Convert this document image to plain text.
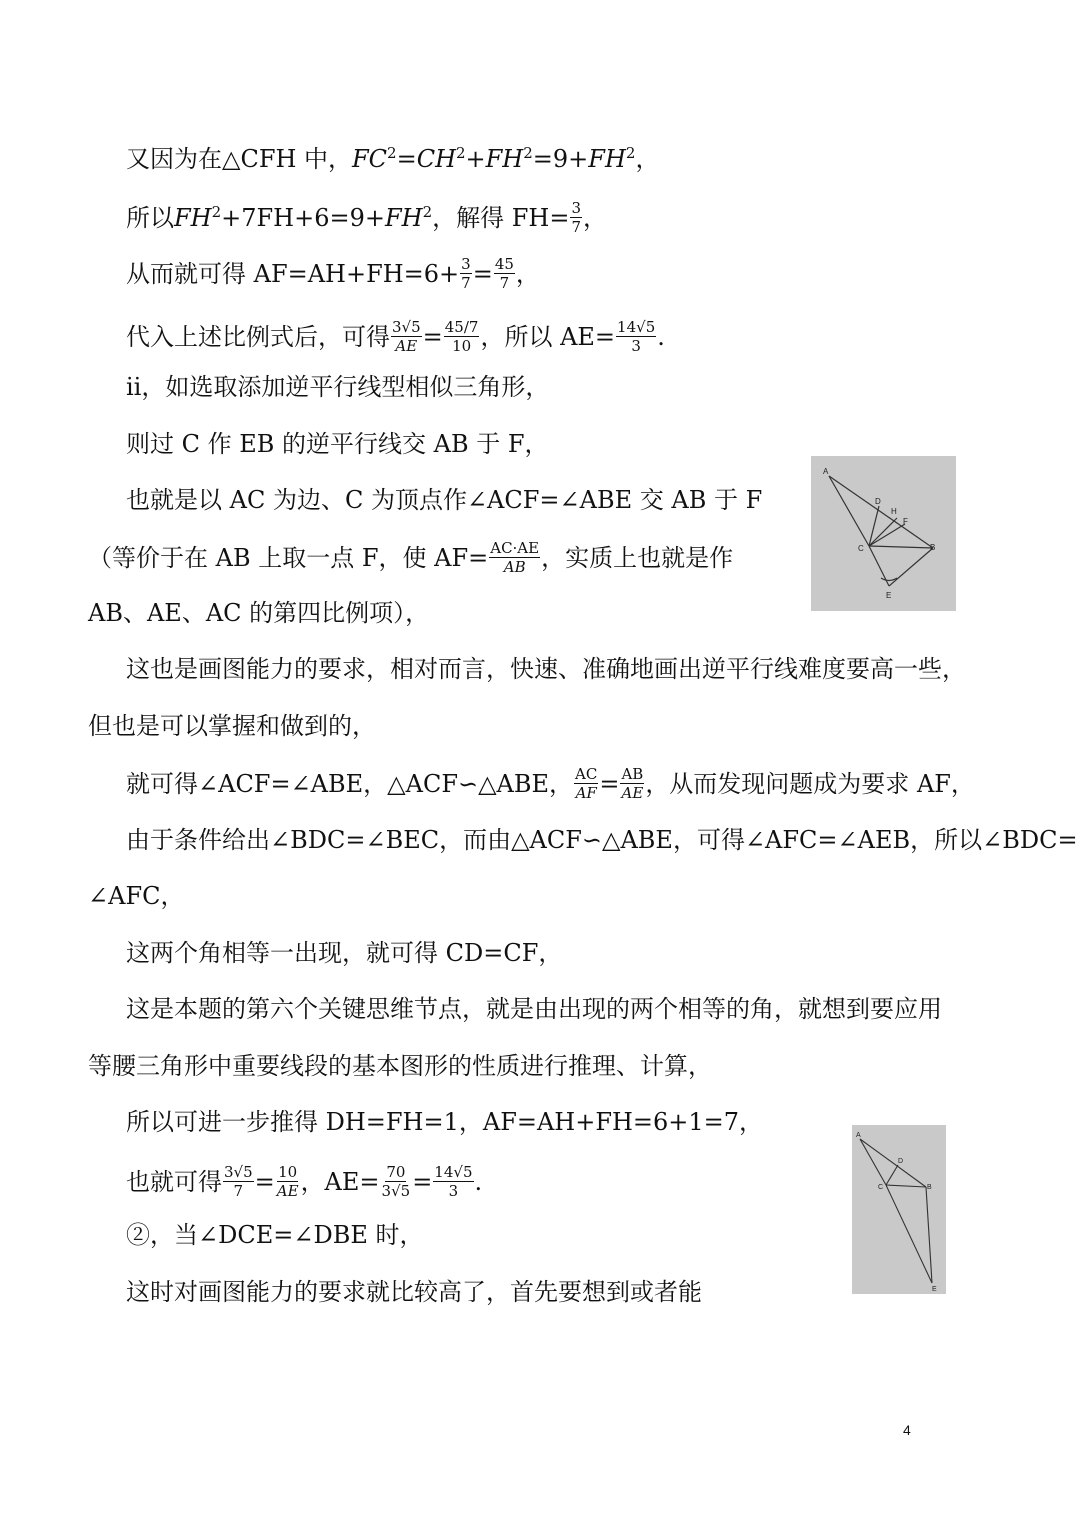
又因为在△CFH 中，$FC^2=CH^2+FH^2=9+FH^2$，
所以$FH^2+7FH+6=9+FH^2$，解得 $FH= \frac{3}{7}$ ，
从而就可得 $AF=AH+FH=6+ \frac{3}{7} = \frac{45}{7}$ ，
代入上述比例式后，可得 $\frac{3√5}{AE} = \frac{45/7}{10}$ ，所以 $AE= \frac{14√5}{3}$ .
ⅱ，如选取添加逆平行线型相似三角形，
则过 C 作 EB 的逆平行线交 AB 于 F，
也就是以 AC 为边、C 为顶点作∠ACF=∠ABE 交 AB 于 F
（等价于在 AB 上取一点 F，使 $AF= \frac{AC\cdot AE}{AB}$ ，实质上也就是作
AB、AE、AC 的第四比例项），
这也是画图能力的要求，相对而言，快速、准确地画出逆平行线难度要高一些，
但也是可以掌握和做到的，
就可得∠ACF=∠ABE，△ACF∽△ABE， $\frac{AC}{AF} = \frac{AB}{AE}$ ，从而发现问题成为要求 AF，
由于条件给出∠BDC=∠BEC，而由△ACF∽△ABE，可得∠AFC=∠AEB，所以∠BDC=
∠AFC，
这两个角相等一出现，就可得 CD=CF，
这是本题的第六个关键思维节点，就是由出现的两个相等的角，就想到要应用
等腰三角形中重要线段的基本图形的性质进行推理、计算，
所以可进一步推得 DH=FH=1，AF=AH+FH=6+1=7，
也就可得 $\frac{3√5}{7} = \frac{10}{AE}$ ，$AE= \frac{70}{3√5} = \frac{14√5}{3}$ .
②，当∠DCE=∠DBE 时，
这时对画图能力的要求就比较高了，首先要想到或者能
A
D
H
F
C	B
E
A
D
C	B
E
4
